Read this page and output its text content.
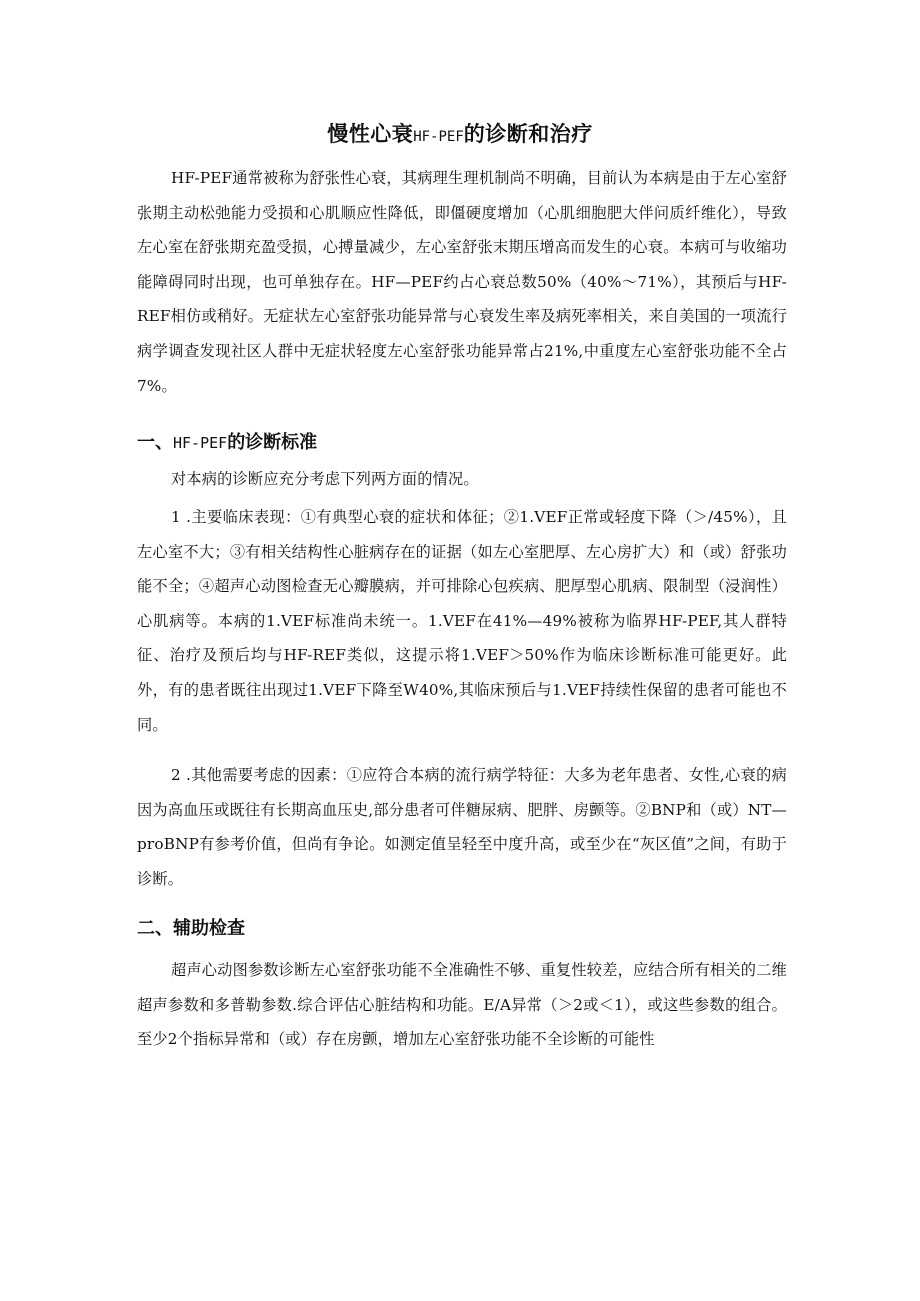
慢性心衰HF-PEF的诊断和治疗

HF-PEF通常被称为舒张性心衰，其病理生理机制尚不明确，目前认为本病是由于左心室舒张期主动松弛能力受损和心肌顺应性降低，即僵硬度增加（心肌细胞肥大伴问质纤维化），导致左心室在舒张期充盈受损，心搏量减少，左心室舒张末期压增高而发生的心衰。本病可与收缩功能障碍同时出现，也可单独存在。HF—PEF约占心衰总数50%（40%～71%），其预后与HF-REF相仿或稍好。无症状左心室舒张功能异常与心衰发生率及病死率相关，来自美国的一项流行病学调查发现社区人群中无症状轻度左心室舒张功能异常占21%,中重度左心室舒张功能不全占7%。

一、HF-PEF的诊断标准

对本病的诊断应充分考虑下列两方面的情况。

1 .主要临床表现：①有典型心衰的症状和体征；②1.VEF正常或轻度下降（＞/45%），且左心室不大；③有相关结构性心脏病存在的证据（如左心室肥厚、左心房扩大）和（或）舒张功能不全；④超声心动图检查无心瓣膜病，并可排除心包疾病、肥厚型心肌病、限制型（浸润性）心肌病等。本病的1.VEF标准尚未统一。1.VEF在41%—49%被称为临界HF-PEF,其人群特征、治疗及预后均与HF-REF类似，这提示将1.VEF＞50%作为临床诊断标准可能更好。此外，有的患者既往出现过1.VEF下降至W40%,其临床预后与1.VEF持续性保留的患者可能也不同。

2 .其他需要考虑的因素：①应符合本病的流行病学特征：大多为老年患者、女性,心衰的病因为高血压或既往有长期高血压史,部分患者可伴糖尿病、肥胖、房颤等。②BNP和（或）NT—proBNP有参考价值，但尚有争论。如测定值呈轻至中度升高，或至少在“灰区值”之间，有助于诊断。

二、辅助检查

超声心动图参数诊断左心室舒张功能不全准确性不够、重复性较差，应结合所有相关的二维超声参数和多普勒参数.综合评估心脏结构和功能。E/A异常（＞2或＜1），或这些参数的组合。至少2个指标异常和（或）存在房颤，增加左心室舒张功能不全诊断的可能性
